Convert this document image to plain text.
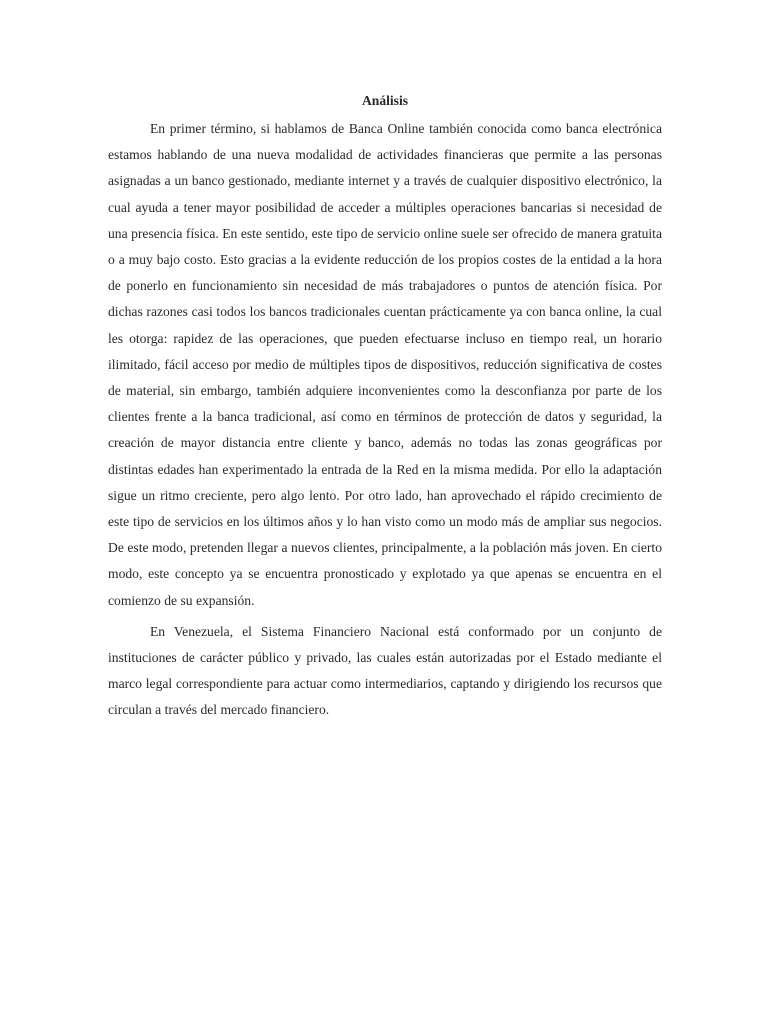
Análisis

En primer término, si hablamos de Banca Online también conocida como banca electrónica estamos hablando de una nueva modalidad de actividades financieras que permite a las personas asignadas a un banco gestionado, mediante internet y a través de cualquier dispositivo electrónico, la cual ayuda a tener mayor posibilidad de acceder a múltiples operaciones bancarias si necesidad de una presencia física. En este sentido, este tipo de servicio online suele ser ofrecido de manera gratuita o a muy bajo costo. Esto gracias a la evidente reducción de los propios costes de la entidad a la hora de ponerlo en funcionamiento sin necesidad de más trabajadores o puntos de atención física. Por dichas razones casi todos los bancos tradicionales cuentan prácticamente ya con banca online, la cual les otorga: rapidez de las operaciones, que pueden efectuarse incluso en tiempo real, un horario ilimitado, fácil acceso por medio de múltiples tipos de dispositivos, reducción significativa de costes de material, sin embargo, también adquiere inconvenientes como la desconfianza por parte de los clientes frente a la banca tradicional, así como en términos de protección de datos y seguridad, la creación de mayor distancia entre cliente y banco, además no todas las zonas geográficas por distintas edades han experimentado la entrada de la Red en la misma medida. Por ello la adaptación sigue un ritmo creciente, pero algo lento. Por otro lado, han aprovechado el rápido crecimiento de este tipo de servicios en los últimos años y lo han visto como un modo más de ampliar sus negocios. De este modo, pretenden llegar a nuevos clientes, principalmente, a la población más joven. En cierto modo, este concepto ya se encuentra pronosticado y explotado ya que apenas se encuentra en el comienzo de su expansión.

En Venezuela, el Sistema Financiero Nacional está conformado por un conjunto de instituciones de carácter público y privado, las cuales están autorizadas por el Estado mediante el marco legal correspondiente para actuar como intermediarios, captando y dirigiendo los recursos que circulan a través del mercado financiero.
